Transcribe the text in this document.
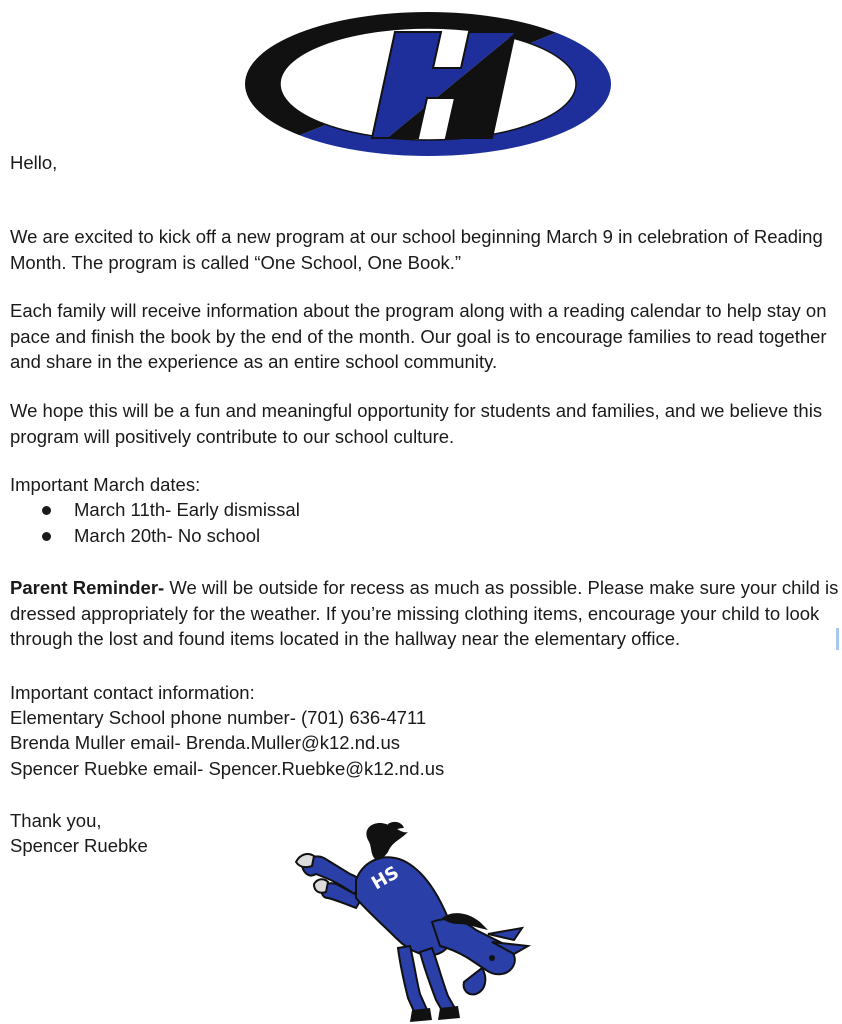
Hello,

We are excited to kick off a new program at our school beginning March 9 in celebration of Reading Month. The program is called “One School, One Book.”

Each family will receive information about the program along with a reading calendar to help stay on pace and finish the book by the end of the month. Our goal is to encourage families to read together and share in the experience as an entire school community.

We hope this will be a fun and meaningful opportunity for students and families, and we believe this program will positively contribute to our school culture.

Important March dates:

March 11th- Early dismissal
March 20th- No school

Parent Reminder- We will be outside for recess as much as possible. Please make sure your child is dressed appropriately for the weather. If you’re missing clothing items, encourage your child to look through the lost and found items located in the hallway near the elementary office.

Important contact information:

Elementary School phone number- (701) 636-4711

Brenda Muller email- Brenda.Muller@k12.nd.us

Spencer Ruebke email- Spencer.Ruebke@k12.nd.us

Thank you,

Spencer Ruebke

HS
